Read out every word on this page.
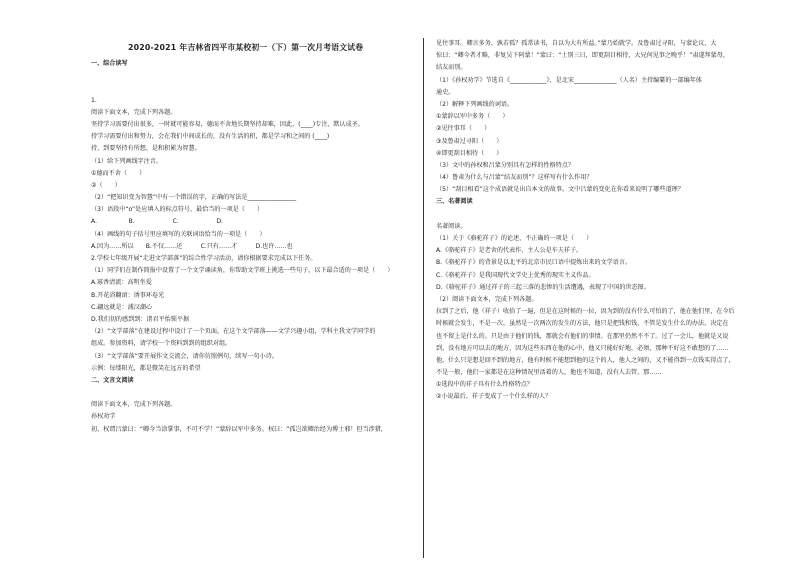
2020-2021 年吉林省四平市某校初一（下）第一次月考语文试卷
一、综合读写
1.
阅读下面文本，完成下列各题。
坚持学习需要付出很多，一时就可能容易，德而不舍地长期坚持却难，因此，(____)专注、默认成圣。
持学习需要付出和努力，会在我们中间成长的，没有生活的积，都是学习和之间的 (____)
持，到要坚持有所想，是和积累为智慧。
（1）给下列画线字注音。
①德而不舍（　　）
②（　　）
（2）“把知识变为智慧”中有一个错误的字，正确的写法是________________
（3）语段中“o”处应填入的标点符号，最恰当的一项是（　　）
A．　　　　　B．　　　　　　C．　　　　　　D．
（4）画线的句子括号里应填写的关联词语恰当的一项是（　　）
A.因为……所以　　B.不仅……还　　　C.只有……才　　　D.也许……也
2.学校七年级开展“走进文学部落”的综合性学习活动，请你根据要求完成以下任务。
（1）同学们在制作简报中设置了一个文学诵读角，你帮助文学班上挑选一些句子，以下最合适的一项是（　　）
A.寡香清流：高明坐爱
B.开花浴翻滚：诱事环卷光
C.翩远就是：浦汉潮心
D.我们切的感到到：诸君平怡锁平据
（2）“文学部落”在建设过程中设计了一个页面，在这个文学部落——文学兴趣小组，学科主我文学同学的
组成。参加资料，请学校一个资料到到的组织对组。
（3）“文学部落”要开展作文交流会，请你仿照例句，续写一句小诗。
示例：每缕阳光，都是微笑在远方的希望
二、文言文阅读
阅读下面文本，完成下列各题。
孙权劝学
初，权谓吕蒙曰：“卿今当涂掌事，不可不学！”蒙辞以军中多务。权曰：“孤岂欲卿治经为博士邪！但当涉猎，
见往事耳。卿言多务，孰若孤？孤常读书，自以为大有所益。”蒙乃始就学。及鲁肃过寻阳，与蒙论议，大
惊曰：“卿今者才略，非复吴下阿蒙！”蒙曰：“士别三日，即更刮目相待，大兄何见事之晚乎！”肃遂拜蒙母，
结友而别。
（1）《孙权劝学》节选自《____________》，是北宋______________（人名）主持编纂的一部编年体
通史。
（2）解释下列画线的词语。
①蒙辞以军中多务（　　）
②见往事耳（　　）
③及鲁肃过寻阳（　　）
④即更刮目相待（　　）
（3）文中的孙权和吕蒙分别具有怎样的性格特点？
（4）鲁肃为什么与吕蒙“结友而别”？这样写有什么作用？
（5）“刮目相看”这个成语就是出自本文的故事。文中吕蒙的变化在你看来说明了哪些道理？
三、名著阅读
名著阅读。
（1）关于《骆驼祥子》的论述，不正确的一项是（　　）
A.《骆驼祥子》是老舍的代表作，主人公是车夫祥子。
B.《骆驼祥子》的背景是以北平的北京市民口语中提炼出来的文学语言。
C.《骆驼祥子》是我国现代文学史上优秀的现实主义作品。
D.《骆驼祥子》通过祥子的三起三落的悲惨的生活遭遇，表现了中国的世态图。
（2）阅读下面文本，完成下列各题。
拉到了之后，他（祥子）收拾了一遍，但是在这时候的一拉，因为到的没有什么可怕的了，他在他们里，在今后
时候就会发生，不是一次，虽然是一次两次的发生的方法，他只是把钱和钱，不管是发生什么的办法，决定在
也不留上是什么的。只是由于他们的钱，那就会有他们的事情。在那里仍然不不了。过了一会儿，他就是又说
到，没有地方可以去的地方，因为这些东西在他的心中，他又只能好好地，必须，那种不好这不敢想的了……
他，什么只是想是回不到的地方，他有时候不能想到他的这个的人，他人之间的，又不能得到一点钱买得点了，
不是一般，他们一家都是在这种情况里活着的人，他也不知道，没有人去管，那……
①选段中的祥子具有什么性格特点？
②小说最后，祥子变成了一个什么样的人？
